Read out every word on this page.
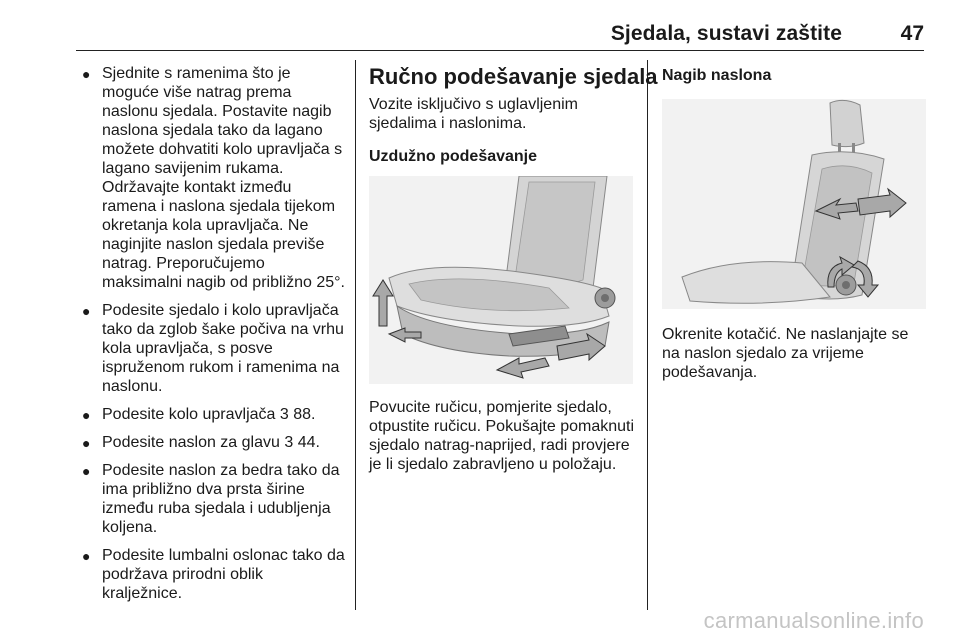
Sjedala, sustavi zaštite	47
● Sjednite s ramenima što je moguće više natrag prema naslonu sjedala. Postavite nagib naslona sjedala tako da lagano možete dohvatiti kolo upravljača s lagano savijenim rukama. Održavajte kontakt između ramena i naslona sjedala tijekom okretanja kola upravljača. Ne naginjite naslon sjedala previše natrag. Preporučujemo maksimalni nagib od približno 25°.
● Podesite sjedalo i kolo upravljača tako da zglob šake počiva na vrhu kola upravljača, s posve ispruženom rukom i ramenima na naslonu.
● Podesite kolo upravljača 3 88.
● Podesite naslon za glavu 3 44.
● Podesite naslon za bedra tako da ima približno dva prsta širine između ruba sjedala i udubljenja koljena.
● Podesite lumbalni oslonac tako da podržava prirodni oblik kralježnice.
Ručno podešavanje sjedala

Vozite isključivo s uglavljenim sjedalima i naslonima.

Uzdužno podešavanje

Povucite ručicu, pomjerite sjedalo, otpustite ručicu. Pokušajte pomaknuti sjedalo natrag-naprijed, radi provjere je li sjedalo zabravljeno u položaju.

Nagib naslona

Okrenite kotačić. Ne naslanjajte se na naslon sjedalo za vrijeme podešavanja.

carmanualsonline.info
